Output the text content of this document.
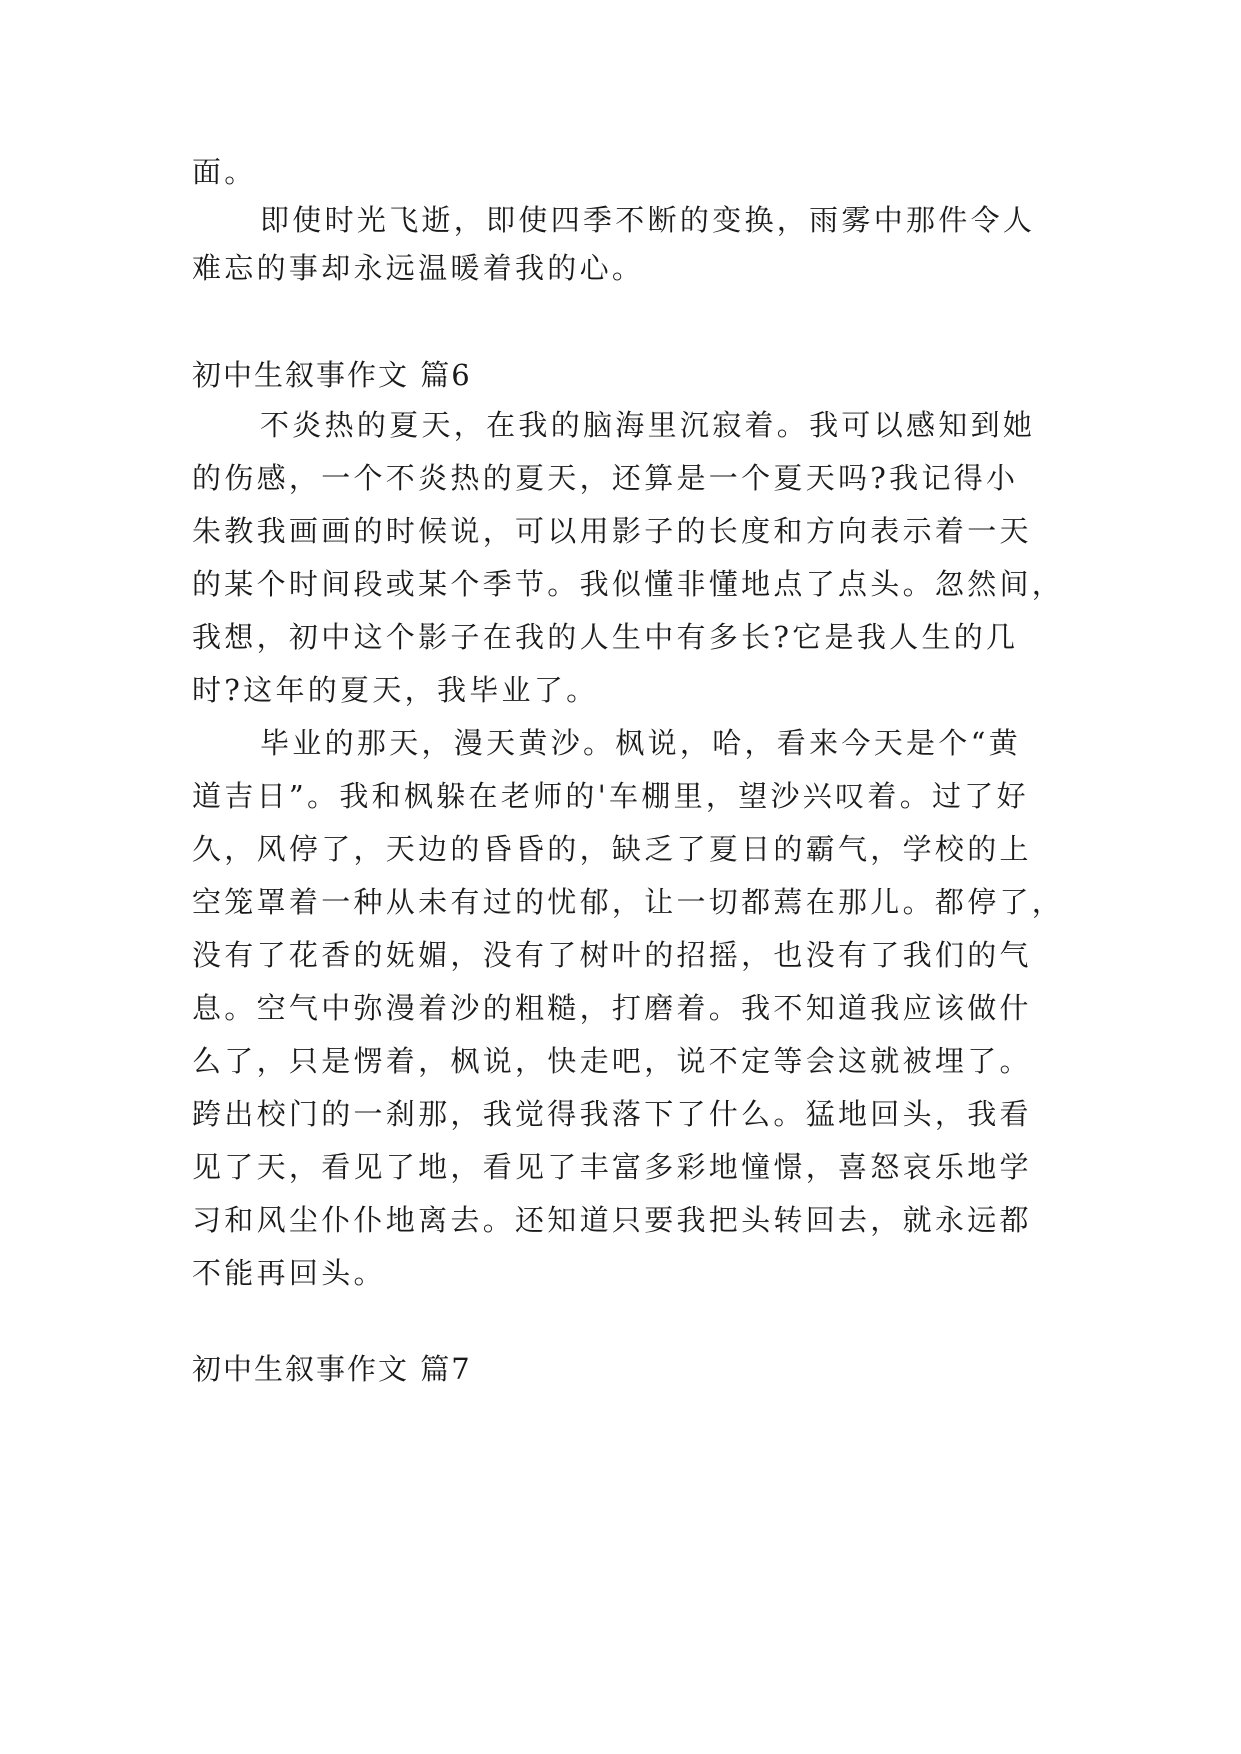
面。
即使时光飞逝，即使四季不断的变换，雨雾中那件令人
难忘的事却永远温暖着我的心。
初中生叙事作文 篇6
不炎热的夏天，在我的脑海里沉寂着。我可以感知到她
的伤感，一个不炎热的夏天，还算是一个夏天吗?我记得小
朱教我画画的时候说，可以用影子的长度和方向表示着一天
的某个时间段或某个季节。我似懂非懂地点了点头。忽然间，
我想，初中这个影子在我的人生中有多长?它是我人生的几
时?这年的夏天，我毕业了。
毕业的那天，漫天黄沙。枫说，哈，看来今天是个“黄
道吉日”。我和枫躲在老师的'车棚里，望沙兴叹着。过了好
久，风停了，天边的昏昏的，缺乏了夏日的霸气，学校的上
空笼罩着一种从未有过的忧郁，让一切都蔫在那儿。都停了，
没有了花香的妩媚，没有了树叶的招摇，也没有了我们的气
息。空气中弥漫着沙的粗糙，打磨着。我不知道我应该做什
么了，只是愣着，枫说，快走吧，说不定等会这就被埋了。
跨出校门的一刹那，我觉得我落下了什么。猛地回头，我看
见了天，看见了地，看见了丰富多彩地憧憬，喜怒哀乐地学
习和风尘仆仆地离去。还知道只要我把头转回去，就永远都
不能再回头。
初中生叙事作文 篇7
